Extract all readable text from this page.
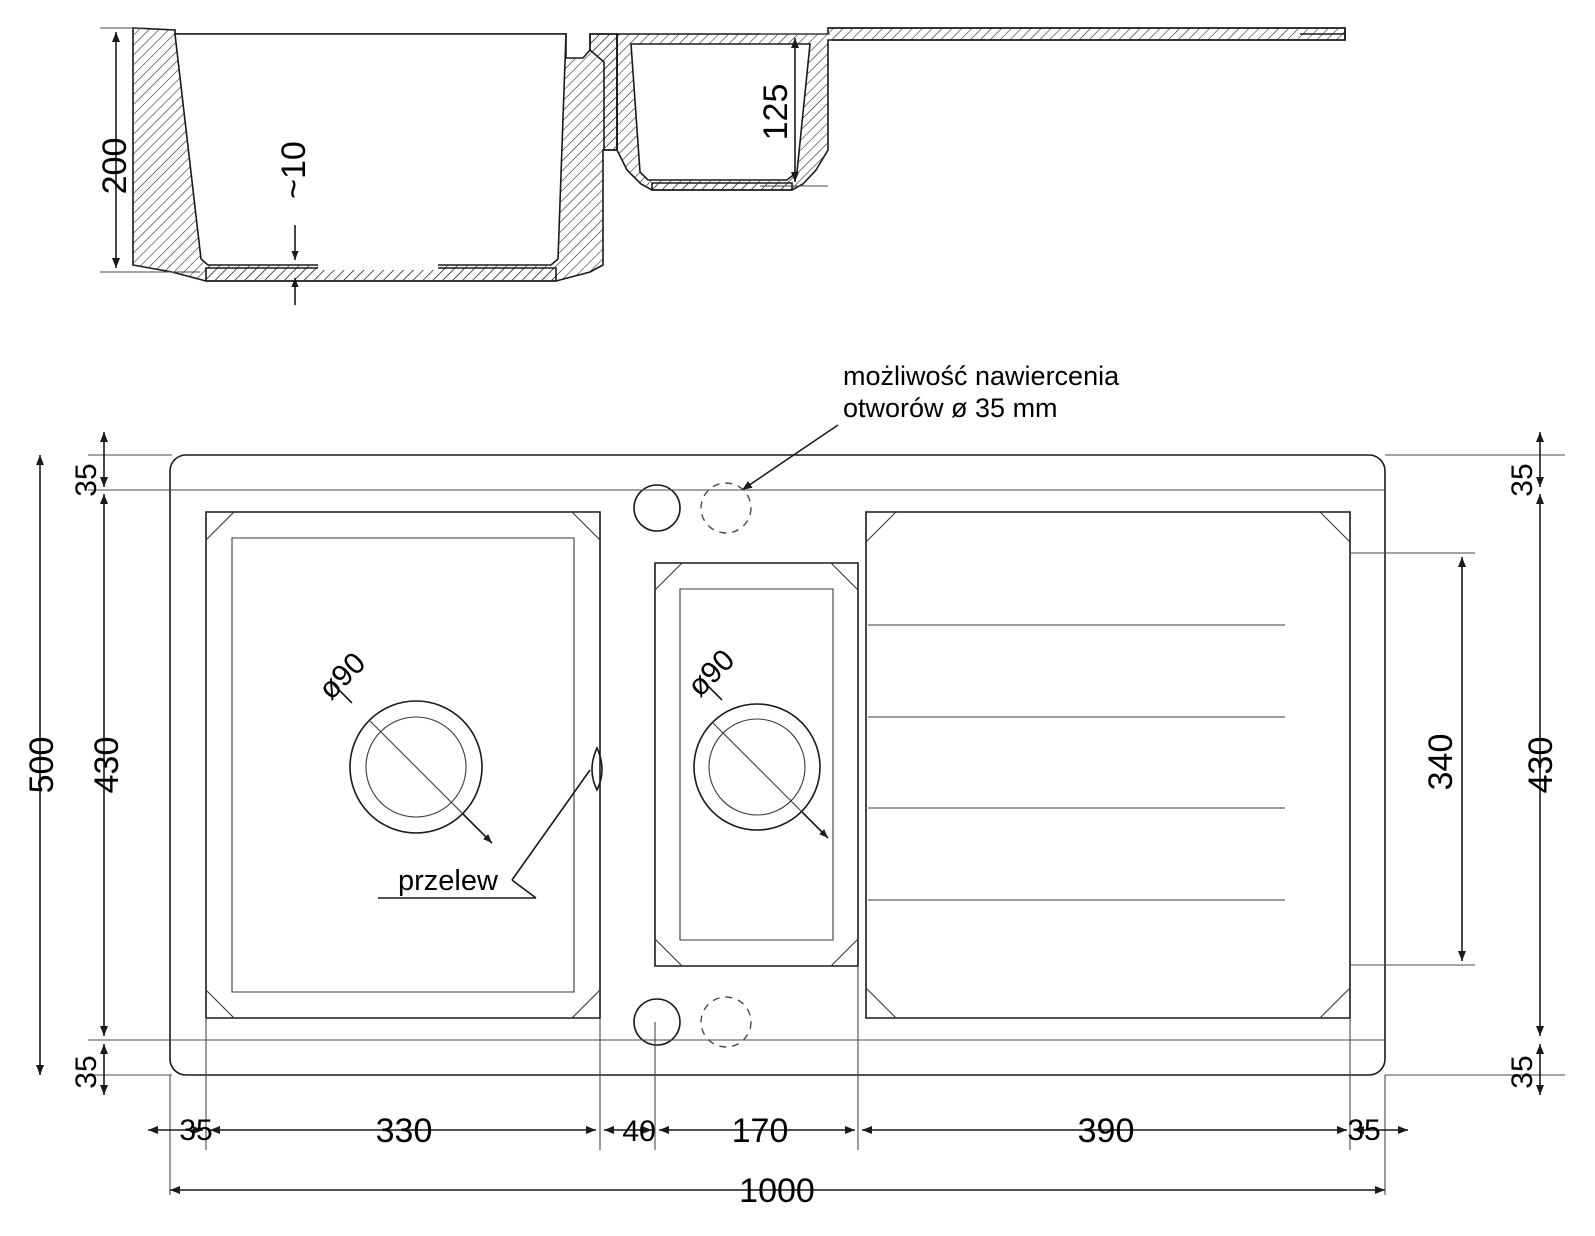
200	~10
125
ø90
przelew
ø90
możliwość nawiercenia
otworów ø 35 mm
35
430
35
500
35
340 430
35
35	330	40 170	390	35
1000
